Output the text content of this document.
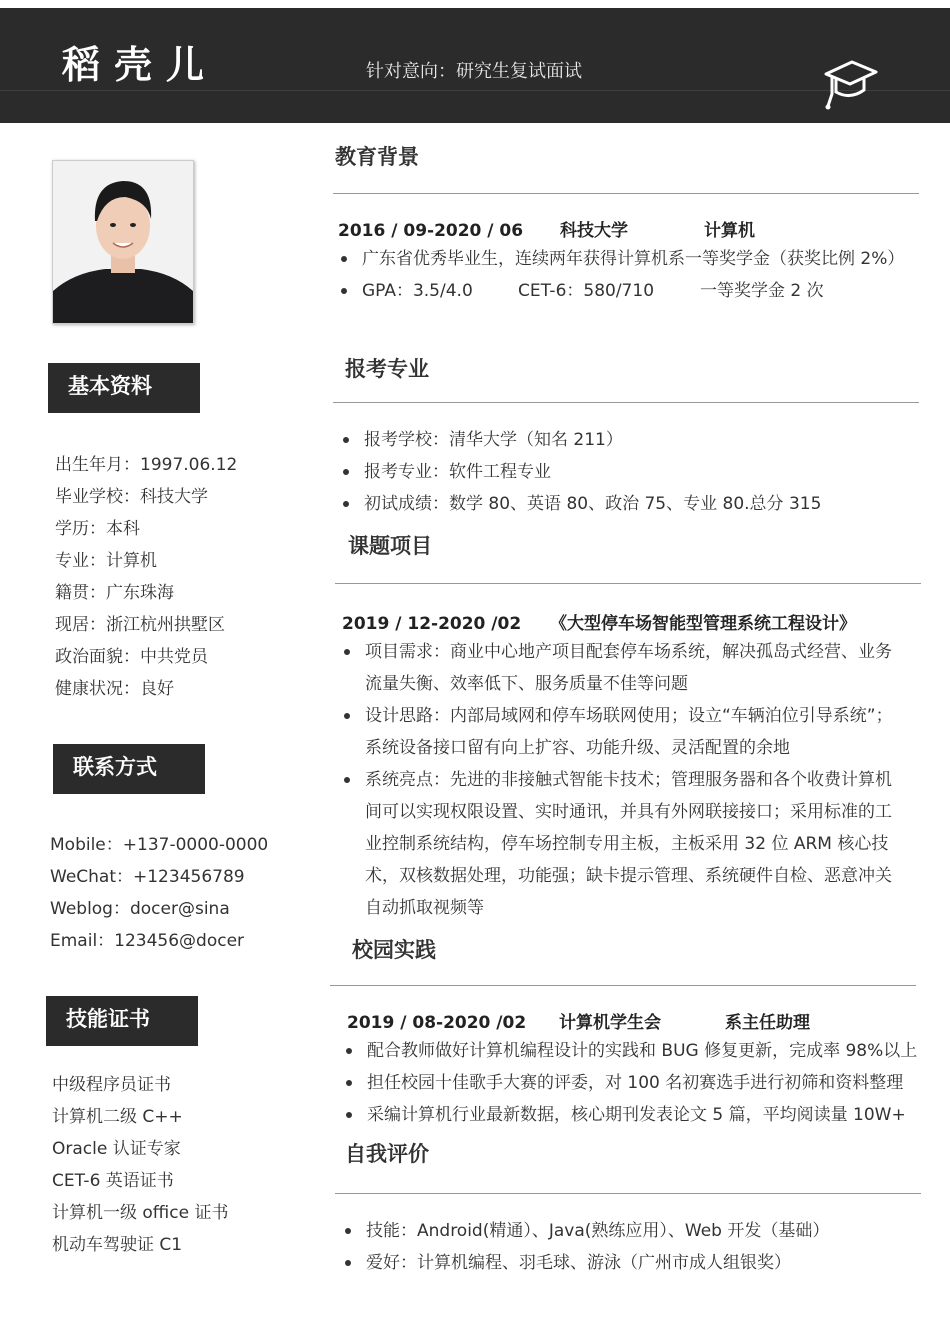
稻壳儿	针对意向：研究生复试面试
基本资料
出生年月：1997.06.12
毕业学校：科技大学
学历：本科
专业：计算机
籍贯：广东珠海
现居：浙江杭州拱墅区
政治面貌：中共党员
健康状况：良好
联系方式
Mobile：+137-0000-0000
WeChat：+123456789
Weblog：docer@sina
Email：123456@docer
技能证书
中级程序员证书
计算机二级 C++
Oracle 认证专家
CET-6 英语证书
计算机一级 office 证书
机动车驾驶证 C1
教育背景
2016 / 09-2020 / 06 科技大学	计算机
广东省优秀毕业生，连续两年获得计算机系一等奖学金（获奖比例 2%）
GPA：3.5/4.0	CET-6：580/710	一等奖学金 2 次
报考专业
报考学校：清华大学（知名 211）
报考专业：软件工程专业
初试成绩：数学 80、英语 80、政治 75、专业 80.总分 315
课题项目
2019 / 12-2020 /02 《大型停车场智能型管理系统工程设计》
项目需求：商业中心地产项目配套停车场系统，解决孤岛式经营、业务流量失衡、效率低下、服务质量不佳等问题
设计思路：内部局域网和停车场联网使用；设立“车辆泊位引导系统”；系统设备接口留有向上扩容、功能升级、灵活配置的余地
系统亮点：先进的非接触式智能卡技术；管理服务器和各个收费计算机间可以实现权限设置、实时通讯，并具有外网联接接口；采用标准的工业控制系统结构，停车场控制专用主板，主板采用 32 位 ARM 核心技术，双核数据处理，功能强；缺卡提示管理、系统硬件自检、恶意冲关自动抓取视频等
校园实践
2019 / 08-2020 /02 计算机学生会	系主任助理
配合教师做好计算机编程设计的实践和 BUG 修复更新，完成率 98%以上
担任校园十佳歌手大赛的评委，对 100 名初赛选手进行初筛和资料整理
采编计算机行业最新数据，核心期刊发表论文 5 篇，平均阅读量 10W+
自我评价
技能：Android(精通）、Java(熟练应用）、Web 开发（基础）
爱好：计算机编程、羽毛球、游泳（广州市成人组银奖）
